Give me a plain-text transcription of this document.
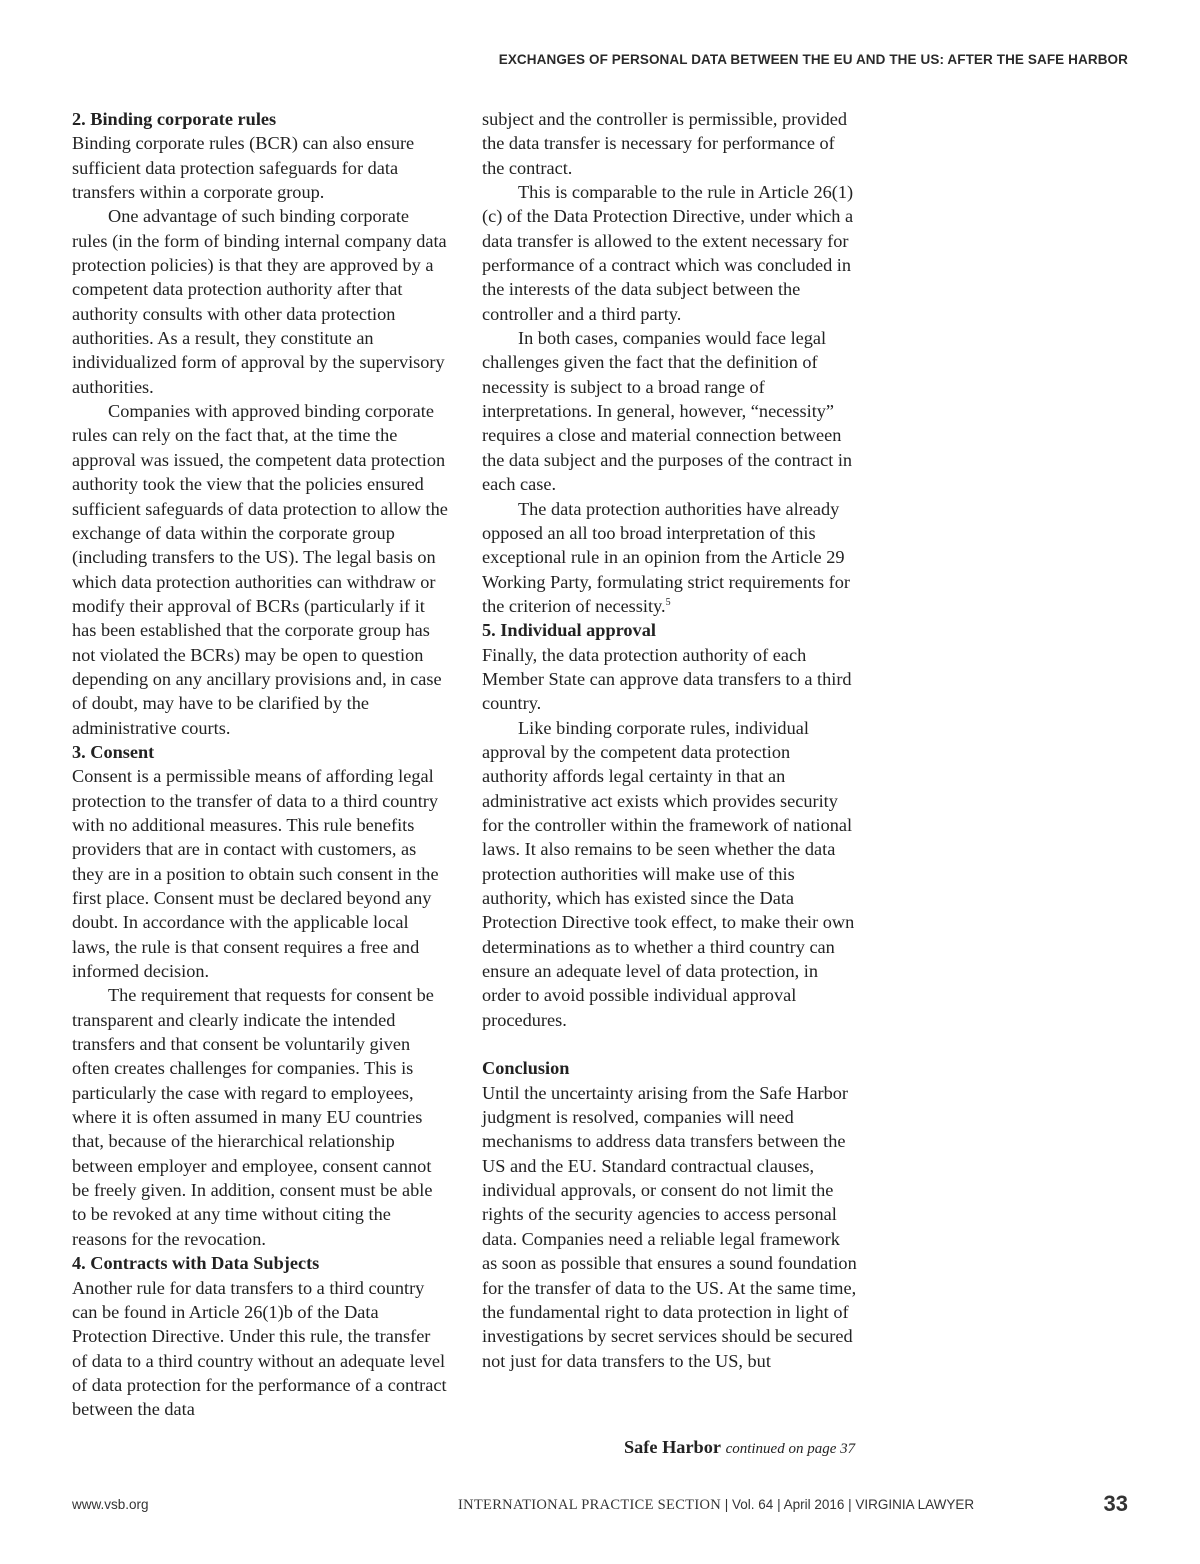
EXCHANGES OF PERSONAL DATA BETWEEN THE EU AND THE US: AFTER THE SAFE HARBOR
2. Binding corporate rules

Binding corporate rules (BCR) can also ensure sufficient data protection safeguards for data transfers within a corporate group.

One advantage of such binding corporate rules (in the form of binding internal company data protection policies) is that they are approved by a competent data protection authority after that authority consults with other data protection authorities. As a result, they constitute an individualized form of approval by the supervisory authorities.

Companies with approved binding corporate rules can rely on the fact that, at the time the approval was issued, the competent data protection authority took the view that the policies ensured sufficient safeguards of data protection to allow the exchange of data within the corporate group (including transfers to the US). The legal basis on which data protection authorities can withdraw or modify their approval of BCRs (particularly if it has been established that the corporate group has not violated the BCRs) may be open to question depending on any ancillary provisions and, in case of doubt, may have to be clarified by the administrative courts.

3. Consent

Consent is a permissible means of affording legal protection to the transfer of data to a third country with no additional measures. This rule benefits providers that are in contact with customers, as they are in a position to obtain such consent in the first place. Consent must be declared beyond any doubt. In accordance with the applicable local laws, the rule is that consent requires a free and informed decision.

The requirement that requests for consent be transparent and clearly indicate the intended transfers and that consent be voluntarily given often creates challenges for companies. This is particularly the case with regard to employees, where it is often assumed in many EU countries that, because of the hierarchical relationship between employer and employee, consent cannot be freely given. In addition, consent must be able to be revoked at any time without citing the reasons for the revocation.

4. Contracts with Data Subjects

Another rule for data transfers to a third country can be found in Article 26(1)b of the Data Protection Directive. Under this rule, the transfer of data to a third country without an adequate level of data protection for the performance of a contract between the data

subject and the controller is permissible, provided the data transfer is necessary for performance of the contract.

This is comparable to the rule in Article 26(1)(c) of the Data Protection Directive, under which a data transfer is allowed to the extent necessary for performance of a contract which was concluded in the interests of the data subject between the controller and a third party.

In both cases, companies would face legal challenges given the fact that the definition of necessity is subject to a broad range of interpretations. In general, however, “necessity” requires a close and material connection between the data subject and the purposes of the contract in each case.

The data protection authorities have already opposed an all too broad interpretation of this exceptional rule in an opinion from the Article 29 Working Party, formulating strict requirements for the criterion of necessity.$^5$

5. Individual approval

Finally, the data protection authority of each Member State can approve data transfers to a third country.

Like binding corporate rules, individual approval by the competent data protection authority affords legal certainty in that an administrative act exists which provides security for the controller within the framework of national laws. It also remains to be seen whether the data protection authorities will make use of this authority, which has existed since the Data Protection Directive took effect, to make their own determinations as to whether a third country can ensure an adequate level of data protection, in order to avoid possible individual approval procedures.

Conclusion

Until the uncertainty arising from the Safe Harbor judgment is resolved, companies will need mechanisms to address data transfers between the US and the EU. Standard contractual clauses, individual approvals, or consent do not limit the rights of the security agencies to access personal data. Companies need a reliable legal framework as soon as possible that ensures a sound foundation for the transfer of data to the US. At the same time, the fundamental right to data protection in light of investigations by secret services should be secured not just for data transfers to the US, but

Safe Harbor continued on page 37
www.vsb.org	INTERNATIONAL PRACTICE SECTION | Vol. 64 | April 2016 | VIRGINIA LAWYER	33
